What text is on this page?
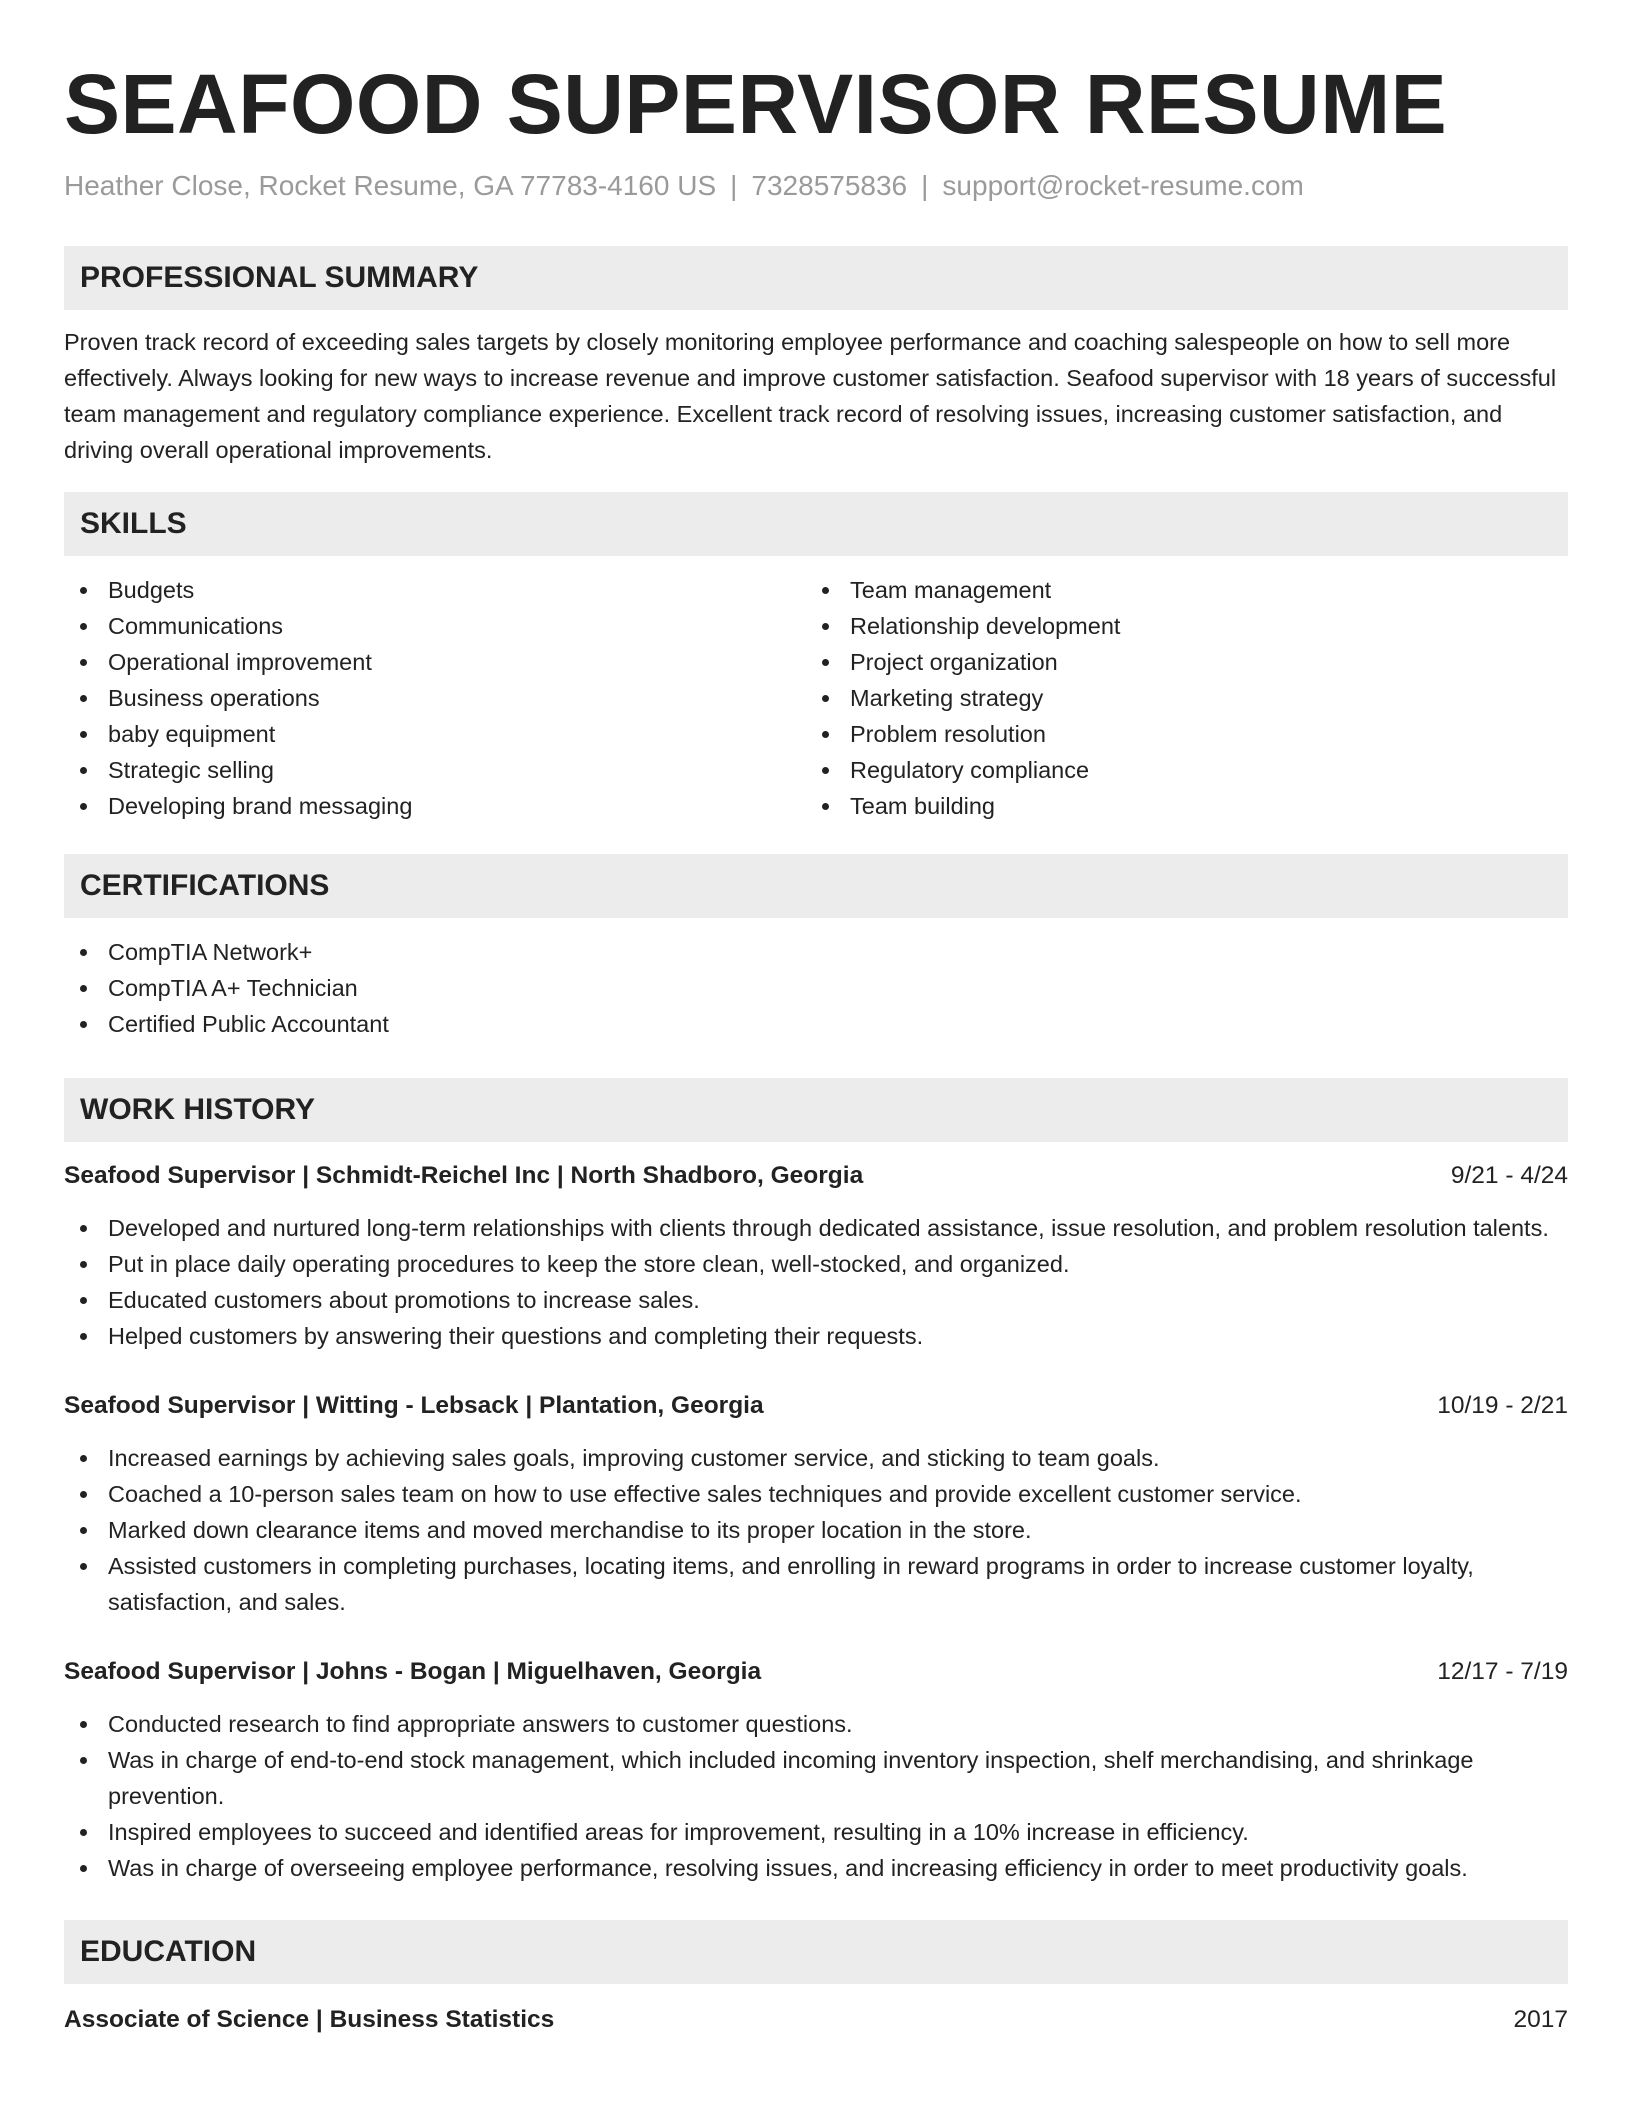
SEAFOOD SUPERVISOR RESUME
Heather Close, Rocket Resume, GA 77783-4160 US | 7328575836 | support@rocket-resume.com
PROFESSIONAL SUMMARY

Proven track record of exceeding sales targets by closely monitoring employee performance and coaching salespeople on how to sell more effectively. Always looking for new ways to increase revenue and improve customer satisfaction. Seafood supervisor with 18 years of successful team management and regulatory compliance experience. Excellent track record of resolving issues, increasing customer satisfaction, and driving overall operational improvements.

SKILLS
Budgets
Communications
Operational improvement
Business operations
baby equipment
Strategic selling
Developing brand messaging
Team management
Relationship development
Project organization
Marketing strategy
Problem resolution
Regulatory compliance
Team building
CERTIFICATIONS
CompTIA Network+
CompTIA A+ Technician
Certified Public Accountant
WORK HISTORY
Seafood Supervisor | Schmidt-Reichel Inc | North Shadboro, Georgia	9/21 - 4/24
Developed and nurtured long-term relationships with clients through dedicated assistance, issue resolution, and problem resolution talents.
Put in place daily operating procedures to keep the store clean, well-stocked, and organized.
Educated customers about promotions to increase sales.
Helped customers by answering their questions and completing their requests.
Seafood Supervisor | Witting - Lebsack | Plantation, Georgia	10/19 - 2/21
Increased earnings by achieving sales goals, improving customer service, and sticking to team goals.
Coached a 10-person sales team on how to use effective sales techniques and provide excellent customer service.
Marked down clearance items and moved merchandise to its proper location in the store.
Assisted customers in completing purchases, locating items, and enrolling in reward programs in order to increase customer loyalty, satisfaction, and sales.
Seafood Supervisor | Johns - Bogan | Miguelhaven, Georgia	12/17 - 7/19
Conducted research to find appropriate answers to customer questions.
Was in charge of end-to-end stock management, which included incoming inventory inspection, shelf merchandising, and shrinkage prevention.
Inspired employees to succeed and identified areas for improvement, resulting in a 10% increase in efficiency.
Was in charge of overseeing employee performance, resolving issues, and increasing efficiency in order to meet productivity goals.
EDUCATION
Associate of Science | Business Statistics	2017
